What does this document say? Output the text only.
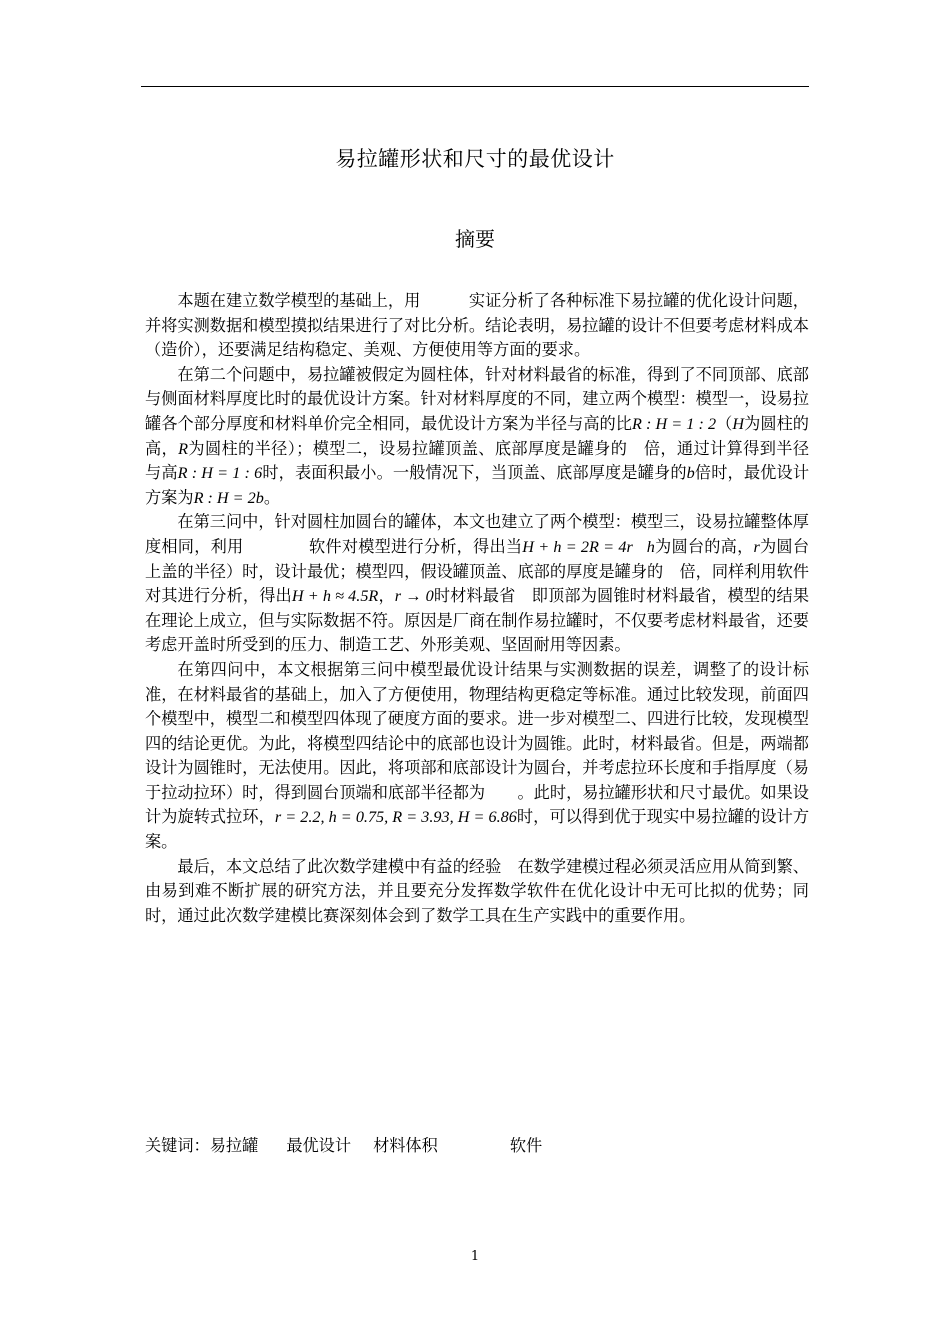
易拉罐形状和尺寸的最优设计
摘要

本题在建立数学模型的基础上，用　　　实证分析了各种标准下易拉罐的优化设计问题，并将实测数据和模型摸拟结果进行了对比分析。结论表明，易拉罐的设计不但要考虑材料成本（造价），还要满足结构稳定、美观、方便使用等方面的要求。

在第二个问题中，易拉罐被假定为圆柱体，针对材料最省的标准，得到了不同顶部、底部与侧面材料厚度比时的最优设计方案。针对材料厚度的不同，建立两个模型：模型一，设易拉罐各个部分厚度和材料单价完全相同，最优设计方案为半径与高的比R : H = 1 : 2（H为圆柱的高，R为圆柱的半径）；模型二，设易拉罐顶盖、底部厚度是罐身的　倍，通过计算得到半径与高R : H = 1 : 6时，表面积最小。一般情况下，当顶盖、底部厚度是罐身的b倍时，最优设计方案为R : H = 2b。

在第三问中，针对圆柱加圆台的罐体，本文也建立了两个模型：模型三，设易拉罐整体厚度相同，利用　　　　软件对模型进行分析，得出当H + h = 2R = 4r h为圆台的高，r为圆台上盖的半径）时，设计最优；模型四，假设罐顶盖、底部的厚度是罐身的　倍，同样利用软件　　　对其进行分析，得出H + h ≈ 4.5R，r → 0时材料最省　即顶部为圆锥时材料最省，模型的结果在理论上成立，但与实际数据不符。原因是厂商在制作易拉罐时，不仅要考虑材料最省，还要考虑开盖时所受到的压力、制造工艺、外形美观、坚固耐用等因素。

在第四问中，本文根据第三问中模型最优设计结果与实测数据的误差，调整了的设计标准，在材料最省的基础上，加入了方便使用，物理结构更稳定等标准。通过比较发现，前面四个模型中，模型二和模型四体现了硬度方面的要求。进一步对模型二、四进行比较，发现模型四的结论更优。为此，将模型四结论中的底部也设计为圆锥。此时，材料最省。但是，两端都设计为圆锥时，无法使用。因此，将项部和底部设计为圆台，并考虑拉环长度和手指厚度（易于拉动拉环）时，得到圆台顶端和底部半径都为　　。此时，易拉罐形状和尺寸最优。如果设计为旋转式拉环，r = 2.2, h = 0.75, R = 3.93, H = 6.86时，可以得到优于现实中易拉罐的设计方案。

最后，本文总结了此次数学建模中有益的经验　在数学建模过程必须灵活应用从简到繁、由易到难不断扩展的研究方法，并且要充分发挥数学软件在优化设计中无可比拟的优势；同时，通过此次数学建模比赛深刻体会到了数学工具在生产实践中的重要作用。

关键词：易拉罐 最优设计 材料体积	软件
1
